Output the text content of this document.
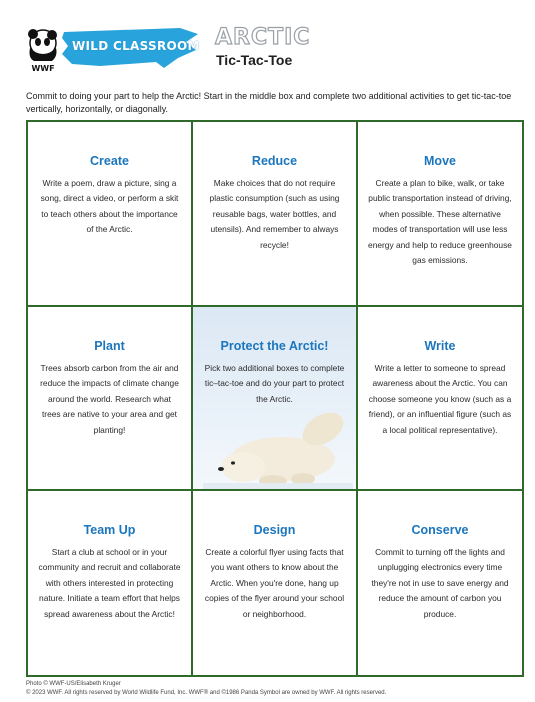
WWF
WILD CLASSROOM ARCTIC
Tic-Tac-Toe
Commit to doing your part to help the Arctic! Start in the middle box and complete two additional activities to get tic-tac-toe vertically, horizontally, or diagonally.
Create

Write a poem, draw a picture, sing a song, direct a video, or perform a skit to teach others about the importance of the Arctic.

Reduce

Make choices that do not require plastic consumption (such as using reusable bags, water bottles, and utensils). And remember to always recycle!

Move

Create a plan to bike, walk, or take public transportation instead of driving, when possible. These alternative modes of transportation will use less energy and help to reduce greenhouse gas emissions.

Plant

Trees absorb carbon from the air and reduce the impacts of climate change around the world. Research what trees are native to your area and get planting!

Protect the Arctic!

Pick two additional boxes to complete tic–tac-toe and do your part to protect the Arctic.

Write

Write a letter to someone to spread awareness about the Arctic. You can choose someone you know (such as a friend), or an influential figure (such as a local political representative).

Team Up

Start a club at school or in your community and recruit and collaborate with others interested in protecting nature. Initiate a team effort that helps spread awareness about the Arctic!

Design

Create a colorful flyer using facts that you want others to know about the Arctic. When you're done, hang up copies of the flyer around your school or neighborhood.

Conserve

Commit to turning off the lights and unplugging electronics every time they're not in use to save energy and reduce the amount of carbon you produce.

Photo © WWF-US/Elisabeth Kruger
© 2023 WWF. All rights reserved by World Wildlife Fund, Inc. WWF® and ©1986 Panda Symbol are owned by WWF. All rights reserved.
